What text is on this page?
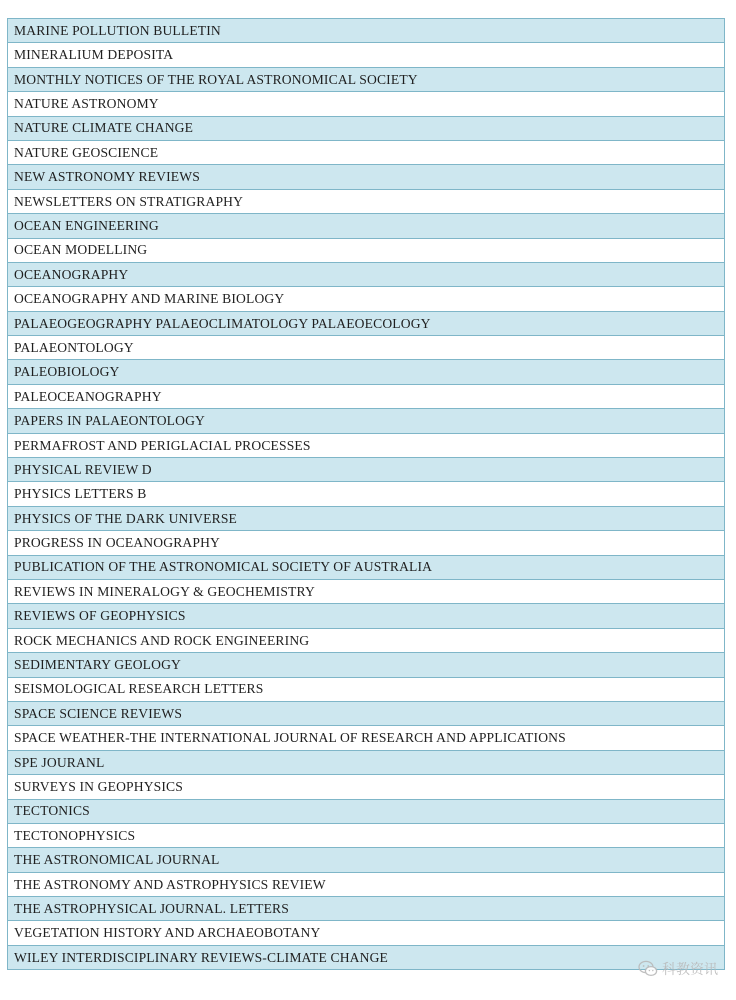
MARINE POLLUTION BULLETIN
MINERALIUM DEPOSITA
MONTHLY NOTICES OF THE ROYAL ASTRONOMICAL SOCIETY
NATURE ASTRONOMY
NATURE CLIMATE CHANGE
NATURE GEOSCIENCE
NEW ASTRONOMY REVIEWS
NEWSLETTERS ON STRATIGRAPHY
OCEAN ENGINEERING
OCEAN MODELLING
OCEANOGRAPHY
OCEANOGRAPHY AND MARINE BIOLOGY
PALAEOGEOGRAPHY PALAEOCLIMATOLOGY PALAEOECOLOGY
PALAEONTOLOGY
PALEOBIOLOGY
PALEOCEANOGRAPHY
PAPERS IN PALAEONTOLOGY
PERMAFROST AND PERIGLACIAL PROCESSES
PHYSICAL REVIEW D
PHYSICS LETTERS B
PHYSICS OF THE DARK UNIVERSE
PROGRESS IN OCEANOGRAPHY
PUBLICATION OF THE ASTRONOMICAL SOCIETY OF AUSTRALIA
REVIEWS IN MINERALOGY & GEOCHEMISTRY
REVIEWS OF GEOPHYSICS
ROCK MECHANICS AND ROCK ENGINEERING
SEDIMENTARY GEOLOGY
SEISMOLOGICAL RESEARCH LETTERS
SPACE SCIENCE REVIEWS
SPACE WEATHER-THE INTERNATIONAL JOURNAL OF RESEARCH AND APPLICATIONS
SPE JOURANL
SURVEYS IN GEOPHYSICS
TECTONICS
TECTONOPHYSICS
THE ASTRONOMICAL JOURNAL
THE ASTRONOMY AND ASTROPHYSICS REVIEW
THE ASTROPHYSICAL JOURNAL. LETTERS
VEGETATION HISTORY AND ARCHAEOBOTANY
WILEY INTERDISCIPLINARY REVIEWS-CLIMATE CHANGE
科教资讯
